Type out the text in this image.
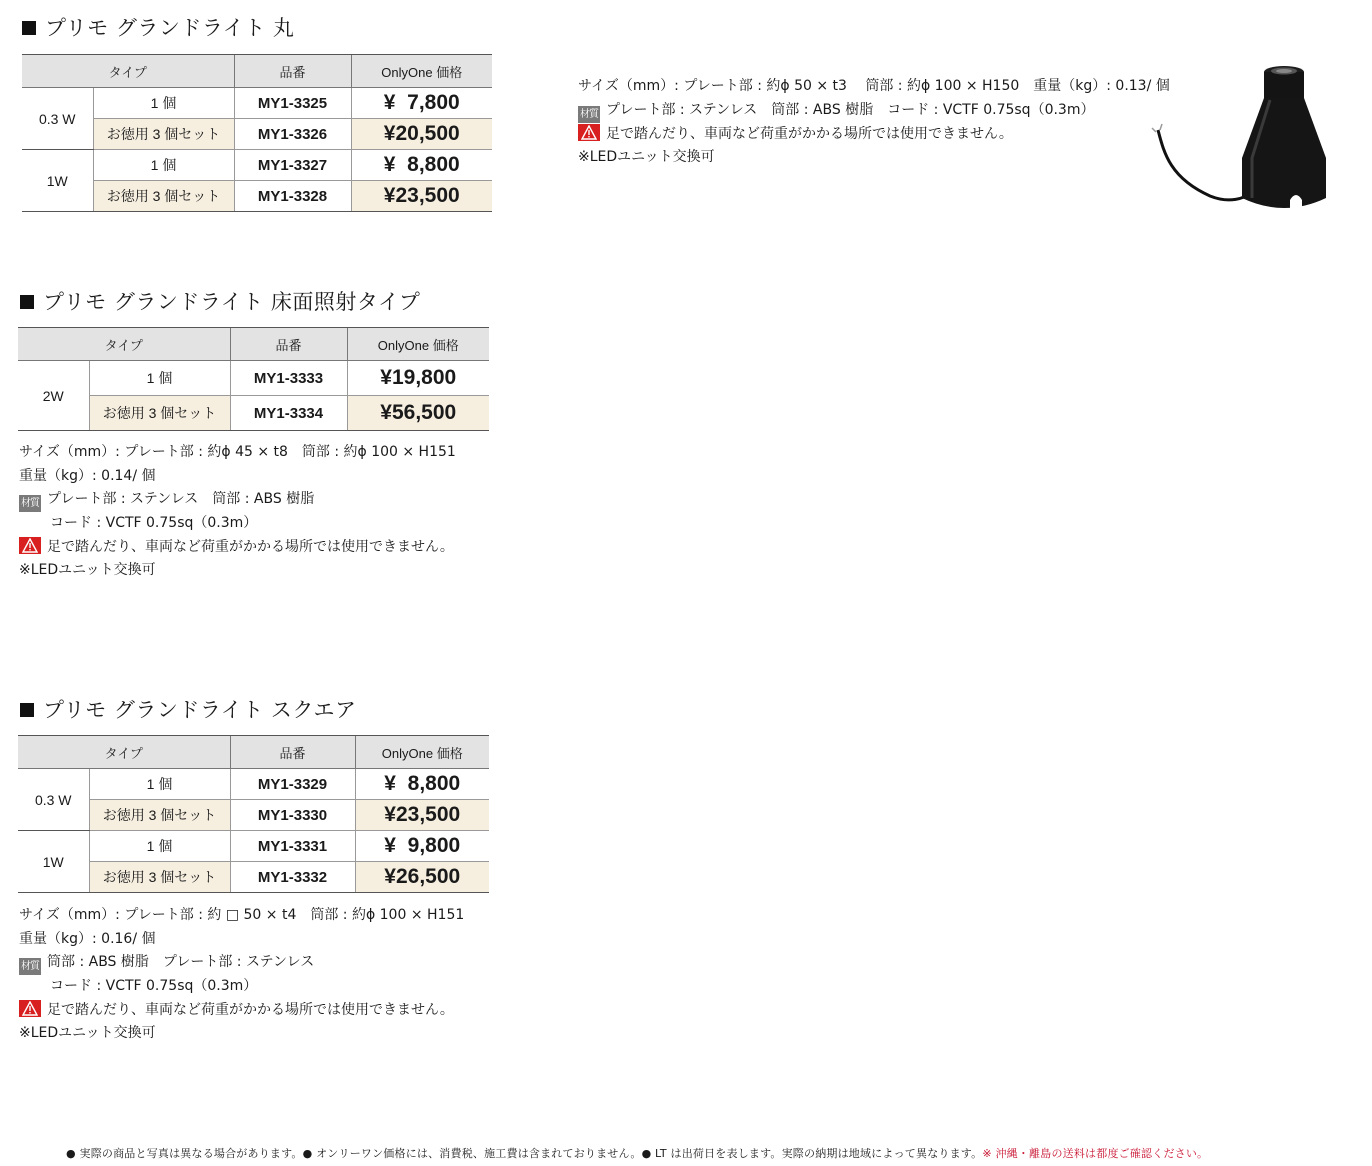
プリモ グランドライト 丸
タイプ		品番	OnlyOne 価格
0.3 W	1 個	MY1-3325	¥  7,800
	お徳用 3 個セット	MY1-3326	¥20,500
1W	1 個	MY1-3327	¥  8,800
	お徳用 3 個セット	MY1-3328	¥23,500
サイズ（mm）: プレート部 : 約ϕ 50 × t3　 筒部 : 約ϕ 100 × H150　重量（kg）: 0.13/ 個
材質 プレート部 : ステンレス　筒部 : ABS 樹脂　コード : VCTF 0.75sq（0.3m）
足で踏んだり、車両など荷重がかかる場所では使用できません。
※LEDユニット交換可
プリモ グランドライト 床面照射タイプ
タイプ		品番	OnlyOne 価格
2W	1 個	MY1-3333	¥19,800
	お徳用 3 個セット	MY1-3334	¥56,500
サイズ（mm）: プレート部 : 約ϕ 45 × t8　筒部 : 約ϕ 100 × H151
重量（kg）: 0.14/ 個
材質 プレート部 : ステンレス　筒部 : ABS 樹脂
コード : VCTF 0.75sq（0.3m）
足で踏んだり、車両など荷重がかかる場所では使用できません。
※LEDユニット交換可
プリモ グランドライト スクエア
タイプ		品番	OnlyOne 価格
0.3 W	1 個	MY1-3329	¥  8,800
	お徳用 3 個セット	MY1-3330	¥23,500
1W	1 個	MY1-3331	¥  9,800
	お徳用 3 個セット	MY1-3332	¥26,500
サイズ（mm）: プレート部 : 約 □ 50 × t4　筒部 : 約ϕ 100 × H151
重量（kg）: 0.16/ 個
材質 筒部 : ABS 樹脂　プレート部 : ステンレス
コード : VCTF 0.75sq（0.3m）
足で踏んだり、車両など荷重がかかる場所では使用できません。
※LEDユニット交換可
● 実際の商品と写真は異なる場合があります。● オンリーワン価格には、消費税、施工費は含まれておりません。● LT は出荷日を表します。実際の納期は地域によって異なります。※ 沖縄・離島の送料は都度ご確認ください。
